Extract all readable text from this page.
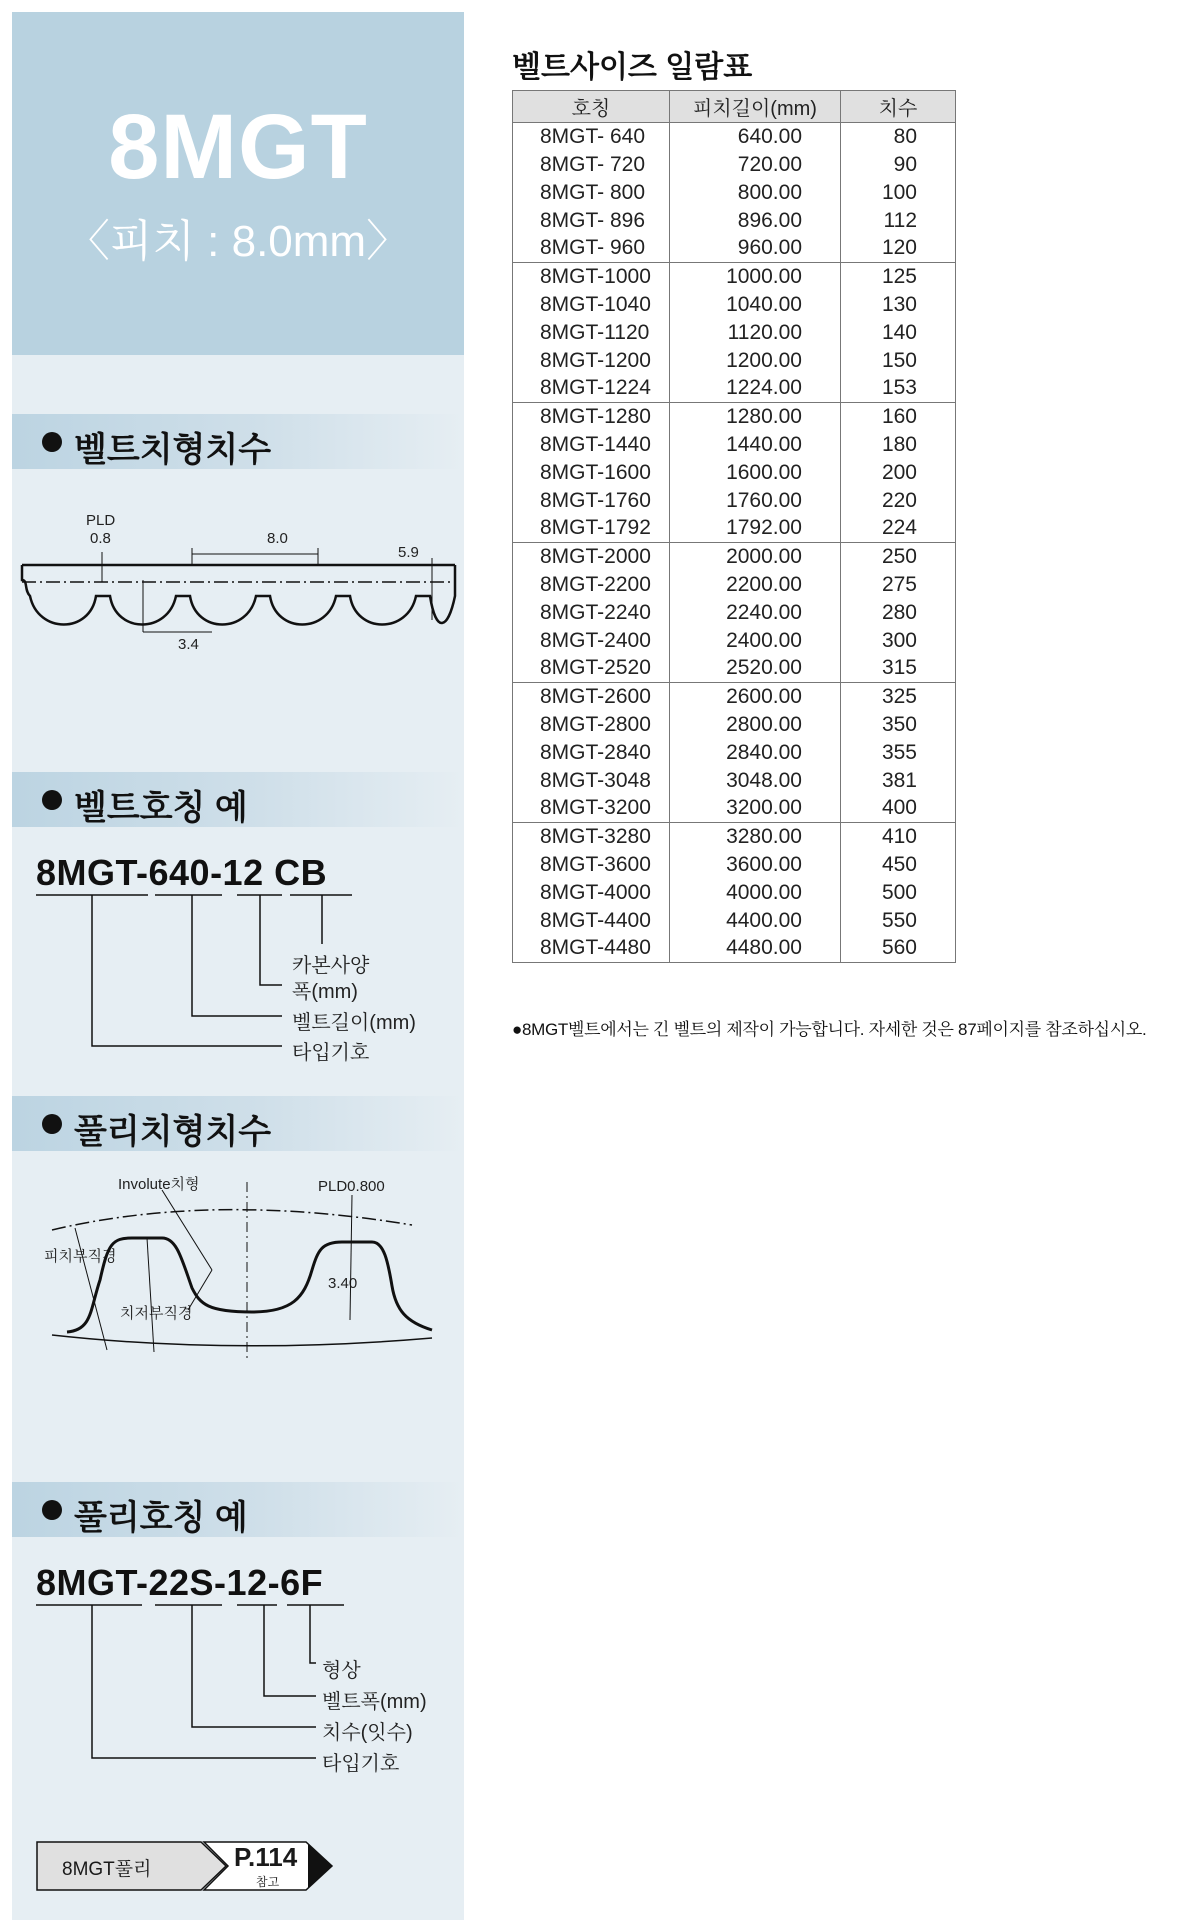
8MGT
〈피치 : 8.0mm〉
벨트치형치수
PLD
0.8	8.0
5.9
3.4
벨트호칭 예
8MGT-640-12 CB
카본사양
폭(mm)
벨트길이(mm)
타입기호
풀리치형치수
Involute치형	PLD0.800
피치부직경
치저부직경
3.40
풀리호칭 예
8MGT-22S-12-6F
형상
벨트폭(mm)
치수(잇수)
타입기호
8MGT풀리	P.114
참고
벨트사이즈 일람표
호칭	피치길이(mm)	치수
8MGT- 640	640.00	80
8MGT- 720	720.00	90
8MGT- 800	800.00	100
8MGT- 896	896.00	112
8MGT- 960	960.00	120
8MGT-1000	1000.00	125
8MGT-1040	1040.00	130
8MGT-1120	1120.00	140
8MGT-1200	1200.00	150
8MGT-1224	1224.00	153
8MGT-1280	1280.00	160
8MGT-1440	1440.00	180
8MGT-1600	1600.00	200
8MGT-1760	1760.00	220
8MGT-1792	1792.00	224
8MGT-2000	2000.00	250
8MGT-2200	2200.00	275
8MGT-2240	2240.00	280
8MGT-2400	2400.00	300
8MGT-2520	2520.00	315
8MGT-2600	2600.00	325
8MGT-2800	2800.00	350
8MGT-2840	2840.00	355
8MGT-3048	3048.00	381
8MGT-3200	3200.00	400
8MGT-3280	3280.00	410
8MGT-3600	3600.00	450
8MGT-4000	4000.00	500
8MGT-4400	4400.00	550
8MGT-4480	4480.00	560
●8MGT벨트에서는 긴 벨트의 제작이 가능합니다. 자세한 것은 87페이지를 참조하십시오.
